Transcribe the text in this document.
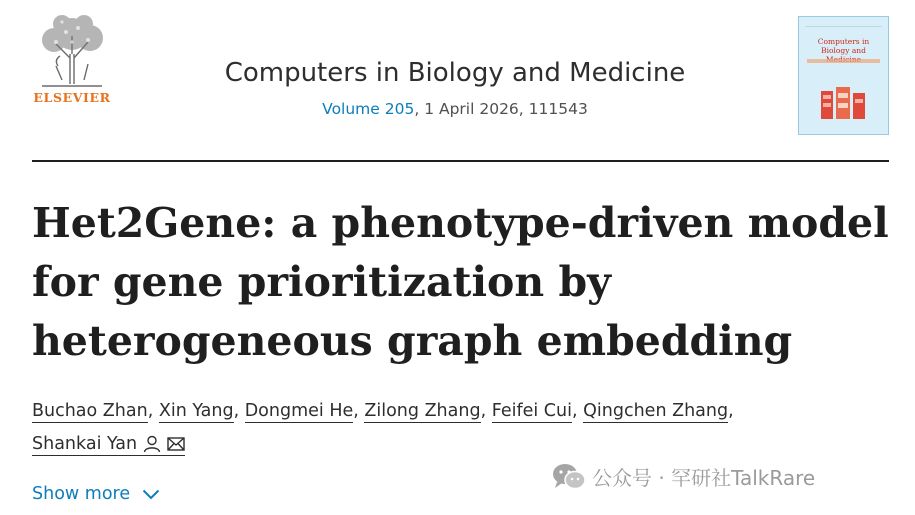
ELSEVIER
Computers in Biology and Medicine
Volume 205, 1 April 2026, 111543
Computers in Biology and
Het2Gene: a phenotype-driven model for gene prioritization by heterogeneous graph embedding
Buchao Zhan, Xin Yang, Dongmei He, Zilong Zhang, Feifei Cui, Qingchen Zhang,

Shankai Yan
Show more
公众号 · 罕研社TalkRare
